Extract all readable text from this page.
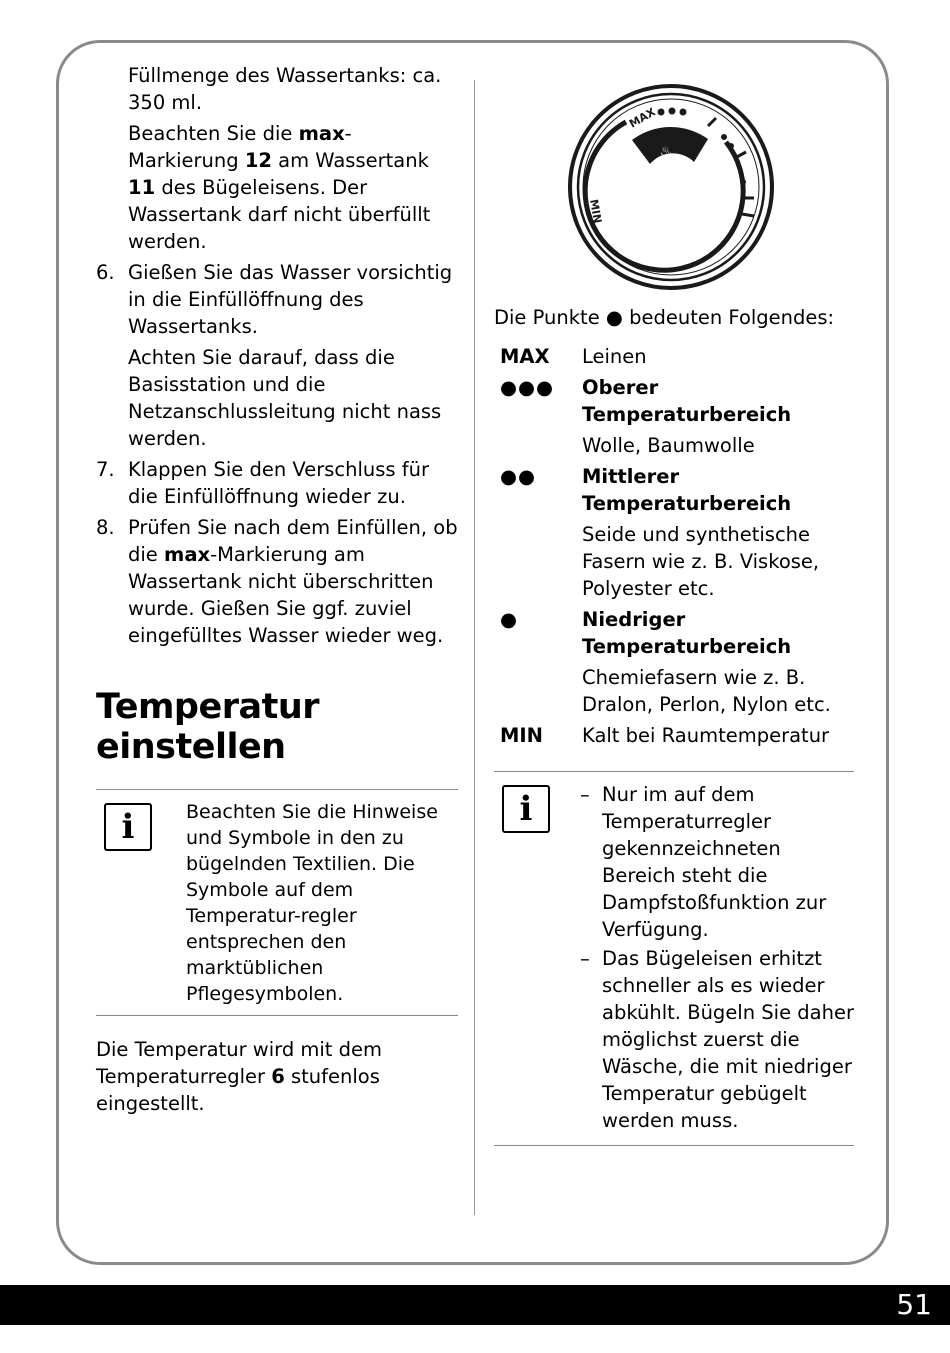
Füllmenge des Wassertanks: ca. 350 ml.

Beachten Sie die max-Markierung 12 am Wassertank 11 des Bügeleisens. Der Wassertank darf nicht überfüllt werden.

6. Gießen Sie das Wasser vorsichtig in die Einfüllöffnung des Wassertanks.

Achten Sie darauf, dass die Basisstation und die Netzanschlussleitung nicht nass werden.

7. Klappen Sie den Verschluss für die Einfüllöffnung wieder zu.
8. Prüfen Sie nach dem Einfüllen, ob die max-Markierung am Wassertank nicht überschritten wurde. Gießen Sie ggf. zuviel eingefülltes Wasser wieder weg.
Temperatur
einstellen
i	Beachten Sie die Hinweise und Symbole in den zu bügelnden Textilien. Die Symbole auf dem Temperatur-regler entsprechen den marktüblichen Pflegesymbolen.

Die Temperatur wird mit dem Temperaturregler 6 stufenlos eingestellt.

♨
MAX
MIN

Die Punkte ● bedeuten Folgendes:

MAX	Leinen
●●●	Oberer Temperaturbereich
Wolle, Baumwolle
●●	Mittlerer Temperaturbereich
Seide und synthetische Fasern wie z. B. Viskose, Polyester etc.
●	Niedriger Temperaturbereich
Chemiefasern wie z. B. Dralon, Perlon, Nylon etc.
MIN	Kalt bei Raumtemperatur
i	– Nur im auf dem Temperaturregler gekennzeichneten Bereich steht die Dampfstoßfunktion zur Verfügung.
– Das Bügeleisen erhitzt schneller als es wieder abkühlt. Bügeln Sie daher möglichst zuerst die Wäsche, die mit niedriger Temperatur gebügelt werden muss.
51
